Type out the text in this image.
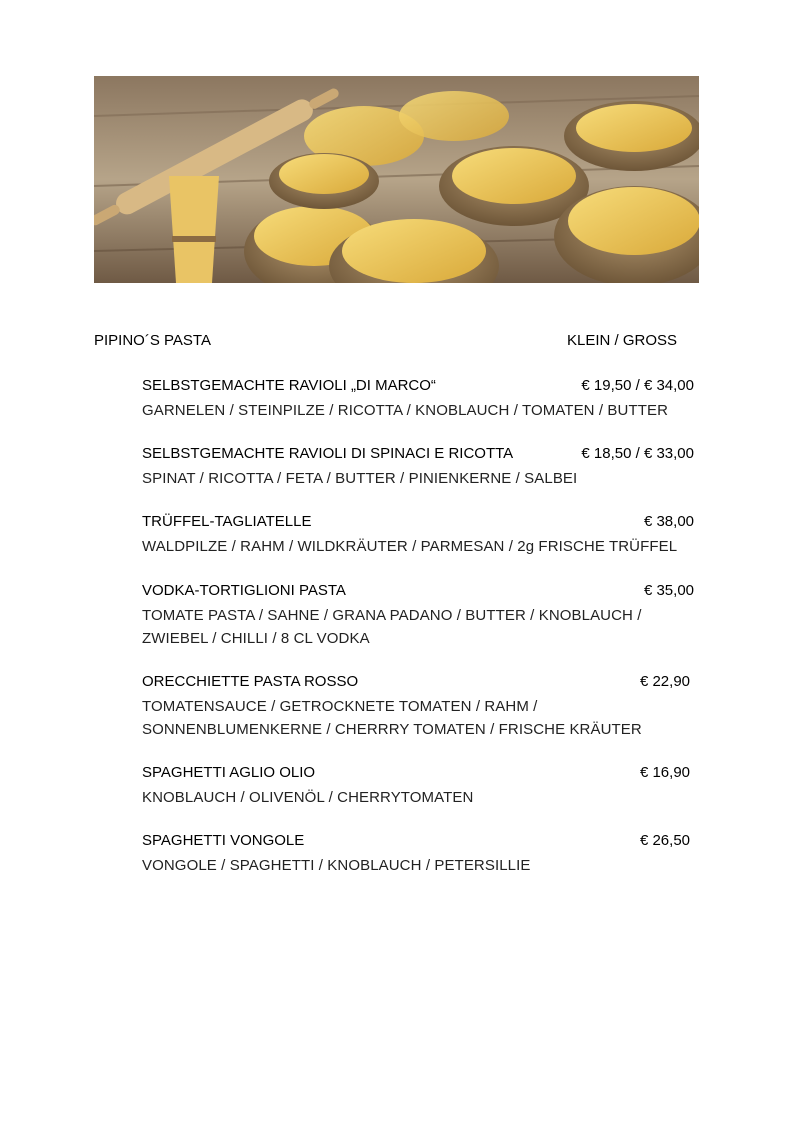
PIPINO´S PASTA	KLEIN / GROSS
SELBSTGEMACHTE RAVIOLI „DI MARCO“	€ 19,50 / € 34,00
GARNELEN / STEINPILZE / RICOTTA / KNOBLAUCH / TOMATEN / BUTTER
SELBSTGEMACHTE RAVIOLI DI SPINACI E RICOTTA	€ 18,50 / € 33,00
SPINAT / RICOTTA / FETA / BUTTER / PINIENKERNE / SALBEI
TRÜFFEL-TAGLIATELLE	€ 38,00
WALDPILZE / RAHM / WILDKRÄUTER / PARMESAN / 2g FRISCHE TRÜFFEL
VODKA-TORTIGLIONI PASTA	€ 35,00
TOMATE PASTA / SAHNE / GRANA PADANO / BUTTER / KNOBLAUCH /
ZWIEBEL / CHILLI / 8 CL VODKA
ORECCHIETTE PASTA ROSSO	€ 22,90
TOMATENSAUCE / GETROCKNETE TOMATEN / RAHM /
SONNENBLUMENKERNE / CHERRRY TOMATEN / FRISCHE KRÄUTER
SPAGHETTI AGLIO OLIO	€ 16,90
KNOBLAUCH / OLIVENÖL / CHERRYTOMATEN
SPAGHETTI VONGOLE	€ 26,50
VONGOLE / SPAGHETTI / KNOBLAUCH / PETERSILLIE
